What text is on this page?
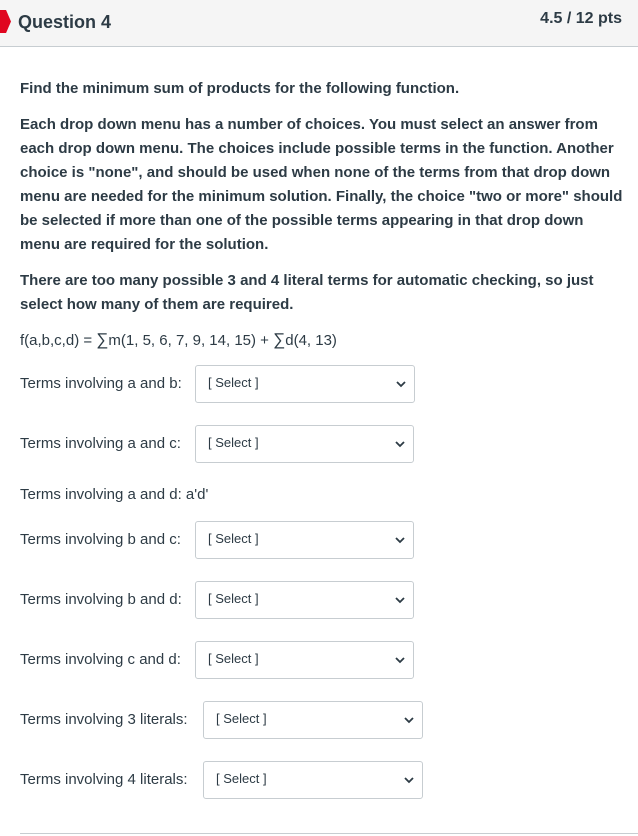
Question 4	4.5 / 12 pts

Find the minimum sum of products for the following function.

Each drop down menu has a number of choices. You must select an answer from each drop down menu. The choices include possible terms in the function. Another choice is "none", and should be used when none of the terms from that drop down menu are needed for the minimum solution. Finally, the choice "two or more" should be selected if more than one of the possible terms appearing in that drop down menu are required for the solution.

There are too many possible 3 and 4 literal terms for automatic checking, so just select how many of them are required.

f(a,b,c,d) = ∑m(1, 5, 6, 7, 9, 14, 15) + ∑d(4, 13)
Terms involving a and b: [ Select ]
Terms involving a and c: [ Select ]
Terms involving a and d: a'd'
Terms involving b and c: [ Select ]
Terms involving b and d: [ Select ]
Terms involving c and d: [ Select ]
Terms involving 3 literals: [ Select ]
Terms involving 4 literals: [ Select ]
